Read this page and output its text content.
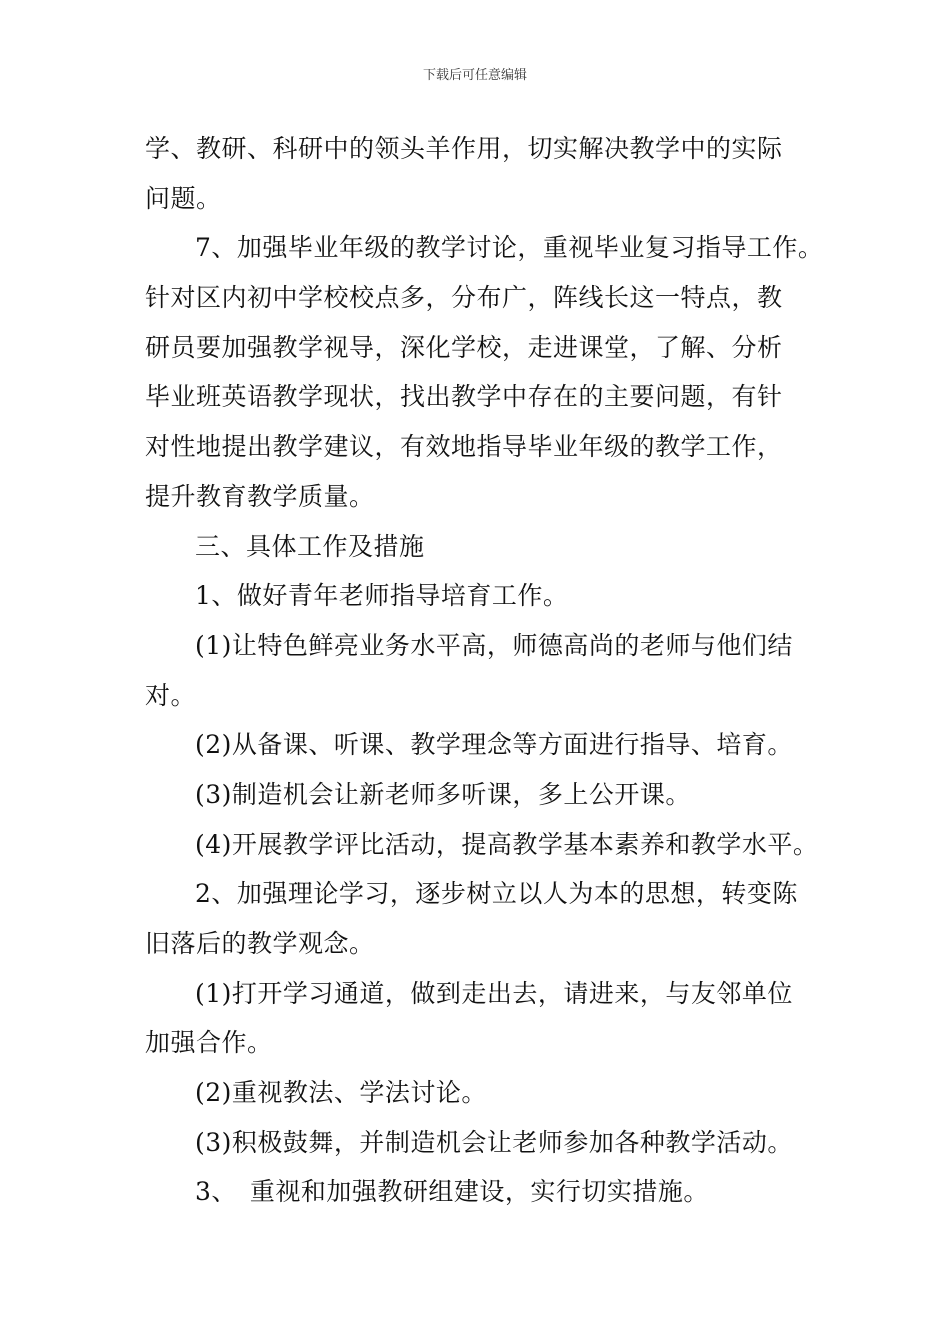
下载后可任意编辑
学、教研、科研中的领头羊作用，切实解决教学中的实际
问题。
7、加强毕业年级的教学讨论，重视毕业复习指导工作。
针对区内初中学校校点多，分布广，阵线长这一特点，教
研员要加强教学视导，深化学校，走进课堂，了解、分析
毕业班英语教学现状，找出教学中存在的主要问题，有针
对性地提出教学建议，有效地指导毕业年级的教学工作，
提升教育教学质量。
三、具体工作及措施
1、做好青年老师指导培育工作。
(1)让特色鲜亮业务水平高，师德高尚的老师与他们结
对。
(2)从备课、听课、教学理念等方面进行指导、培育。
(3)制造机会让新老师多听课，多上公开课。
(4)开展教学评比活动，提高教学基本素养和教学水平。
2、加强理论学习，逐步树立以人为本的思想，转变陈
旧落后的教学观念。
(1)打开学习通道，做到走出去，请进来，与友邻单位
加强合作。
(2)重视教法、学法讨论。
(3)积极鼓舞，并制造机会让老师参加各种教学活动。
3、　重视和加强教研组建设，实行切实措施。
